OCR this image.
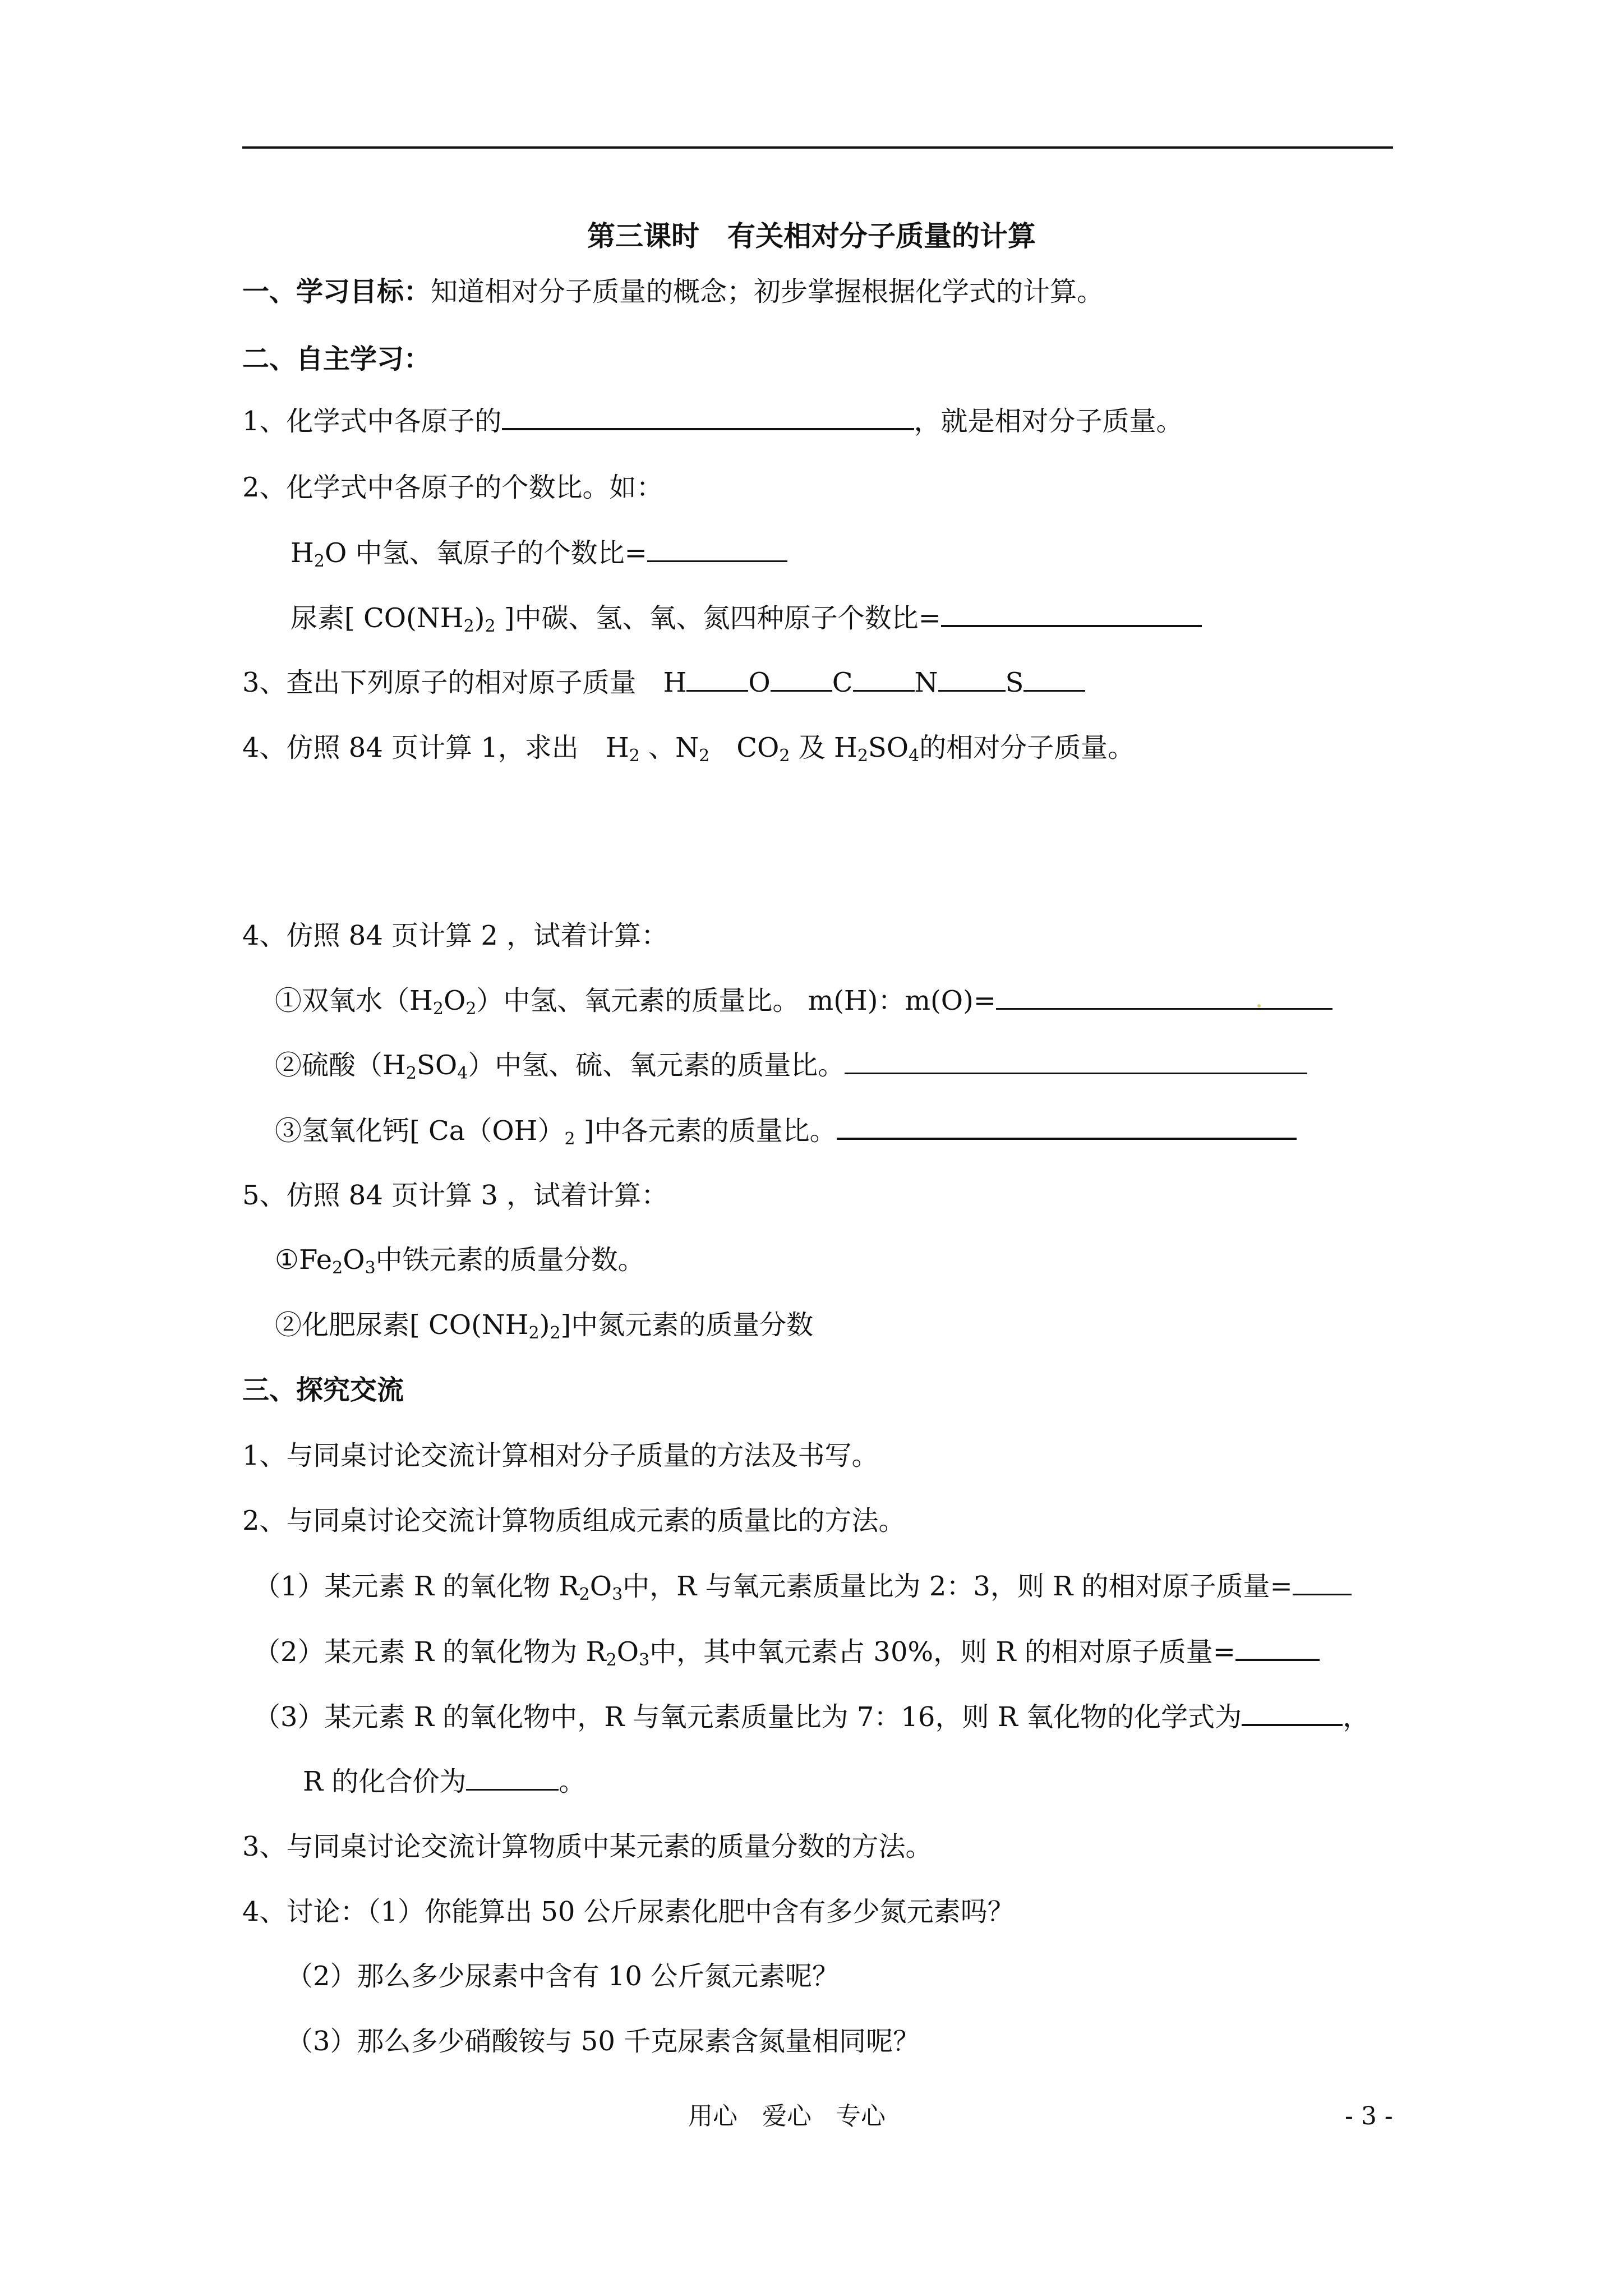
第三课时　有关相对分子质量的计算
一、学习目标：知道相对分子质量的概念；初步掌握根据化学式的计算。
二、自主学习：
1、化学式中各原子的	，就是相对分子质量。
2、化学式中各原子的个数比。如：
$H_2O$ 中氢、氧原子的个数比=
尿素[ $CO(NH_2)_2$ ]中碳、氢、氧、氮四种原子个数比=
3、查出下列原子的相对原子质量　H O C N	S
4、仿照 84 页计算 1，求出　$H_2$ 、$N_2$　$CO_2$ 及 $H_2SO_4$的相对分子质量。
4、仿照 84 页计算 2 ，试着计算：
①双氧水$(H_2O_2)$中氢、氧元素的质量比。 m(H)：m(O)=
②硫酸$(H_2SO_4)$中氢、硫、氧元素的质量比。
③氢氧化钙[ $Ca(OH)_2$ ]中各元素的质量比。
5、仿照 84 页计算 3 ，试着计算：
$①Fe_2O_3$中铁元素的质量分数。
②化肥尿素[ $CO(NH_2)_2$]中氮元素的质量分数
三、探究交流
1、与同桌讨论交流计算相对分子质量的方法及书写。
2、与同桌讨论交流计算物质组成元素的质量比的方法。
（1）某元素 R 的氧化物 $R_2O_3$中，R 与氧元素质量比为 2：3，则 R 的相对原子质量=
（2）某元素 R 的氧化物为 $R_2O_3$中，其中氧元素占 30%，则 R 的相对原子质量=
（3）某元素 R 的氧化物中，R 与氧元素质量比为 7：16，则 R 氧化物的化学式为	，
R 的化合价为	。
3、与同桌讨论交流计算物质中某元素的质量分数的方法。
4、讨论：（1）你能算出 50 公斤尿素化肥中含有多少氮元素吗？
（2）那么多少尿素中含有 10 公斤氮元素呢？
（3）那么多少硝酸铵与 50 千克尿素含氮量相同呢？
用心　爱心　专心	- 3 -
